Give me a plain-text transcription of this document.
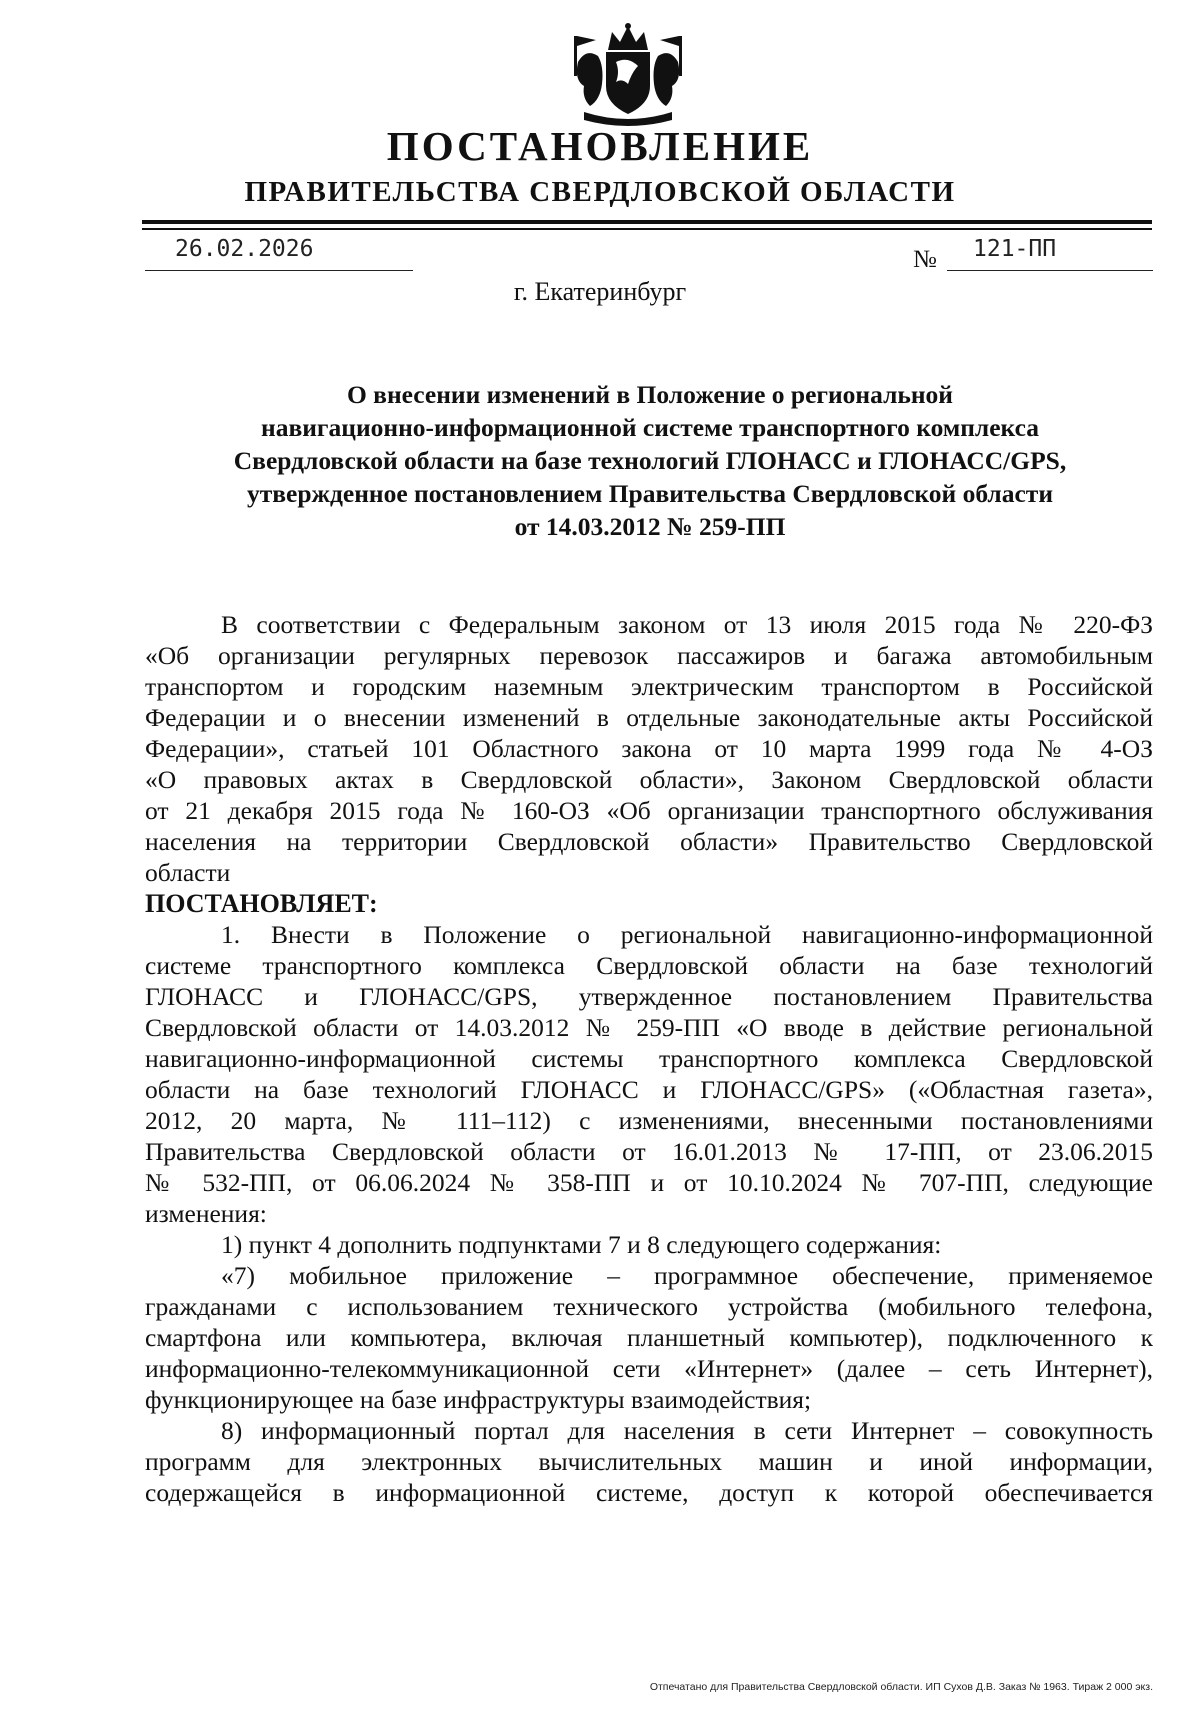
ПОСТАНОВЛЕНИЕ
ПРАВИТЕЛЬСТВА СВЕРДЛОВСКОЙ ОБЛАСТИ
26.02.2026	№ 121-ПП
г. Екатеринбург
О внесении изменений в Положение о региональной
навигационно-информационной системе транспортного комплекса
Свердловской области на базе технологий ГЛОНАСС и ГЛОНАСС/GPS,
утвержденное постановлением Правительства Свердловской области
от 14.03.2012 № 259-ПП
В соответствии с Федеральным законом от 13 июля 2015 года № 220-ФЗ
«Об организации регулярных перевозок пассажиров и багажа автомобильным
транспортом и городским наземным электрическим транспортом в Российской
Федерации и о внесении изменений в отдельные законодательные акты Российской
Федерации», статьей 101 Областного закона от 10 марта 1999 года № 4-ОЗ
«О правовых актах в Свердловской области», Законом Свердловской области
от 21 декабря 2015 года № 160-ОЗ «Об организации транспортного обслуживания
населения на территории Свердловской области» Правительство Свердловской
области
ПОСТАНОВЛЯЕТ:
1. Внести в Положение о региональной навигационно-информационной
системе транспортного комплекса Свердловской области на базе технологий
ГЛОНАСС и ГЛОНАСС/GPS, утвержденное постановлением Правительства
Свердловской области от 14.03.2012 № 259-ПП «О вводе в действие региональной
навигационно-информационной системы транспортного комплекса Свердловской
области на базе технологий ГЛОНАСС и ГЛОНАСС/GPS» («Областная газета»,
2012, 20 марта, № 111–112) с изменениями, внесенными постановлениями
Правительства Свердловской области от 16.01.2013 № 17-ПП, от 23.06.2015
№ 532-ПП, от 06.06.2024 № 358-ПП и от 10.10.2024 № 707-ПП, следующие
изменения:
1) пункт 4 дополнить подпунктами 7 и 8 следующего содержания:
«7) мобильное приложение – программное обеспечение, применяемое
гражданами с использованием технического устройства (мобильного телефона,
смартфона или компьютера, включая планшетный компьютер), подключенного к
информационно-телекоммуникационной сети «Интернет» (далее – сеть Интернет),
функционирующее на базе инфраструктуры взаимодействия;
8) информационный портал для населения в сети Интернет – совокупность
программ для электронных вычислительных машин и иной информации,
содержащейся в информационной системе, доступ к которой обеспечивается
Отпечатано для Правительства Свердловской области. ИП Сухов Д.В. Заказ № 1963. Тираж 2 000 экз.
